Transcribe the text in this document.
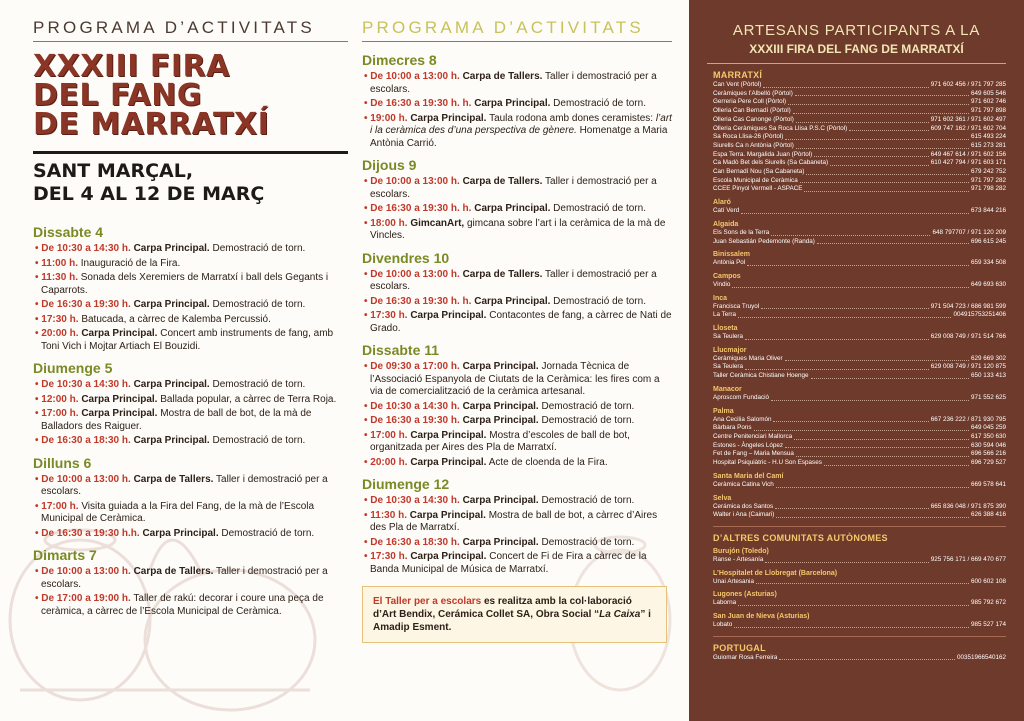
PROGRAMA D’ACTIVITATS
XXXIII FIRA
DEL FANG
DE MARRATXÍ
SANT MARÇAL,
DEL 4 AL 12 DE MARÇ
Dissabte 4
• De 10:30 a 14:30 h. Carpa Principal. Demostració de torn.
• 11:00 h. Inauguració de la Fira.
• 11:30 h. Sonada dels Xeremiers de Marratxí i ball dels Gegants i Caparrots.
• De 16:30 a 19:30 h. Carpa Principal. Demostració de torn.
• 17:30 h. Batucada, a càrrec de Kalemba Percussió.
• 20:00 h. Carpa Principal. Concert amb instruments de fang, amb Toni Vich i Mojtar Artiach El Bouzidi.
Diumenge 5
• De 10:30 a 14:30 h. Carpa Principal. Demostració de torn.
• 12:00 h. Carpa Principal. Ballada popular, a càrrec de Terra Roja.
• 17:00 h. Carpa Principal. Mostra de ball de bot, de la mà de Balladors des Raiguer.
• De 16:30 a 18:30 h. Carpa Principal. Demostració de torn.
Dilluns 6
• De 10:00 a 13:00 h. Carpa de Tallers. Taller i demostració per a escolars.
• 17:00 h. Visita guiada a la Fira del Fang, de la mà de l’Escola Municipal de Ceràmica.
• De 16:30 a 19:30 h.h. Carpa Principal. Demostració de torn.
Dimarts 7
• De 10:00 a 13:00 h. Carpa de Tallers. Taller i demostració per a escolars.
• De 17:00 a 19:00 h. Taller de rakú: decorar i coure una peça de ceràmica, a càrrec de l’Escola Municipal de Ceràmica.
PROGRAMA D’ACTIVITATS
Dimecres 8
• De 10:00 a 13:00 h. Carpa de Tallers. Taller i demostració per a escolars.
• De 16:30 a 19:30 h. h. Carpa Principal. Demostració de torn.
• 19:00 h. Carpa Principal. Taula rodona amb dones ceramistes: l’art i la ceràmica des d’una perspectiva de gènere. Homenatge a Maria Antònia Carrió.
Dijous 9
• De 10:00 a 13:00 h. Carpa de Tallers. Taller i demostració per a escolars.
• De 16:30 a 19:30 h. h. Carpa Principal. Demostració de torn.
• 18:00 h. GimcanArt, gimcana sobre l’art i la ceràmica de la mà de Vincles.
Divendres 10
• De 10:00 a 13:00 h. Carpa de Tallers. Taller i demostració per a escolars.
• De 16:30 a 19:30 h. h. Carpa Principal. Demostració de torn.
• 17:30 h. Carpa Principal. Contacontes de fang, a càrrec de Nati de Grado.
Dissabte 11
• De 09:30 a 17:00 h. Carpa Principal. Jornada Tècnica de l’Associació Espanyola de Ciutats de la Ceràmica: les fires com a via de comercialització de la ceràmica artesanal.
• De 10:30 a 14:30 h. Carpa Principal. Demostració de torn.
• De 16:30 a 19:30 h. Carpa Principal. Demostració de torn.
• 17:00 h. Carpa Principal. Mostra d’escoles de ball de bot, organitzada per Aires des Pla de Marratxí.
• 20:00 h. Carpa Principal. Acte de cloenda de la Fira.
Diumenge 12
• De 10:30 a 14:30 h. Carpa Principal. Demostració de torn.
• 11:30 h. Carpa Principal. Mostra de ball de bot, a càrrec d’Aires des Pla de Marratxí.
• De 16:30 a 18:30 h. Carpa Principal. Demostració de torn.
• 17:30 h. Carpa Principal. Concert de Fi de Fira a càrrec de la Banda Municipal de Música de Marratxí.
El Taller per a escolars es realitza amb la col·laboració d’Art Bendix, Cerámica Collet SA, Obra Social “La Caixa” i Amadip Esment.
ARTESANS PARTICIPANTS A LA
XXXIII FIRA DEL FANG DE MARRATXÍ
MARRATXÍ
Can Vent (Pòrtol)	971 602 456 / 971 797 285
Ceràmiques l’Albelló (Pòrtol)	649 605 546
Gerreria Pere Coll (Pòrtol)	971 602 746
Olleria Can Bernadí (Pòrtol)	971 797 898
Olleria Cas Canonge (Pòrtol)	971 602 361 / 971 602 497
Olleria Ceràmiques Sa Roca Llisa P.S.C (Pòrtol)	609 747 162 / 971 602 704
Sa Roca Llisa-26 (Pòrtol)	615 493 224
Siurells Ca n Antònia (Pòrtol)	615 273 281
Espa Terra. Margalida Juan (Pòrtol)	649 467 614 / 971 602 156
Ca Madò Bet dels Siurells (Sa Cabaneta)	610 427 794 / 971 603 171
Can Bernadí Nou (Sa Cabaneta)	679 242 752
Escola Municipal de Ceràmica	971 797 282
CCEE Pinyol Vermell - ASPACE	971 798 282
Alaró
Catí Verd	673 844 216
Algaida
Els Sons de la Terra	648 797707 / 971 120 209
Juan Sebastián Pedemonte (Randa)	696 615 245
Binissalem
Antònia Pol	659 334 508
Campos
Vindio	649 693 630
Inca
Francisca Truyol	971 504 723 / 686 981 599
La Terra	004915753251406
Lloseta
Sa Teulera	629 008 749 / 971 514 766
Llucmajor
Ceràmiques Maria Oliver	629 669 302
Sa Teulera	629 008 749 / 971 120 875
Taller Ceràmica Chistiane Hoenge	650 133 413
Manacor
Aproscom Fundació	971 552 625
Palma
Ana Cecilia Salomón	667 236 222 / 871 930 795
Bàrbara Pons	649 045 259
Centre Penitenciari Mallorca	617 350 630
Estones - Àngeles López	630 594 046
Fet de Fang – Maria Mensua	696 566 216
Hospital Psiquiàtric - H.U Son Espases	696 729 527
Santa Maria del Camí
Ceràmica Catina Vich	669 578 641
Selva
Cerámica dos Santos	665 836 048 / 971 875 390
Walter i Ana (Caimari)	626 388 416
D’ALTRES COMUNITATS AUTÒNOMES
Burujón (Toledo)
Ranse - Artesanía	925 756 171 / 669 470 677
L’Hospitalet de Llobregat (Barcelona)
Unai Artesania	600 602 108
Lugones (Asturias)
Laborna	985 792 672
San Juan de Nieva (Asturias)
Lobato	985 527 174
PORTUGAL
Guiomar Rosa Ferreira	00351966540162
